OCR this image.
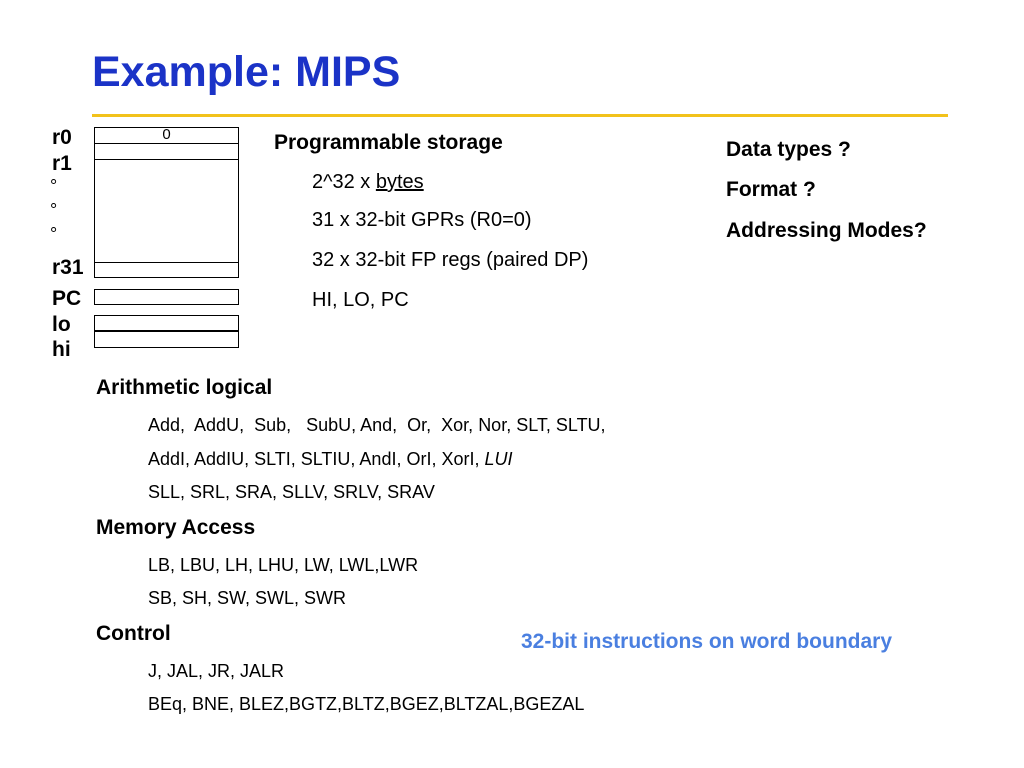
Example: MIPS
r0
r1
°
°
°
r31
PC
lo
hi
0	Programmable storage
2^32 x bytes
31 x 32-bit GPRs (R0=0)
32 x 32-bit FP regs (paired DP)
HI, LO, PC
Data types ?
Format ?
Addressing Modes?
Arithmetic logical
Add,  AddU,  Sub,   SubU, And,  Or,  Xor, Nor, SLT, SLTU,
AddI, AddIU, SLTI, SLTIU, AndI, OrI, XorI, LUI
SLL, SRL, SRA, SLLV, SRLV, SRAV
Memory Access
LB, LBU, LH, LHU, LW, LWL,LWR
SB, SH, SW, SWL, SWR
Control
J, JAL, JR, JALR
BEq, BNE, BLEZ,BGTZ,BLTZ,BGEZ,BLTZAL,BGEZAL
32-bit instructions on word boundary
